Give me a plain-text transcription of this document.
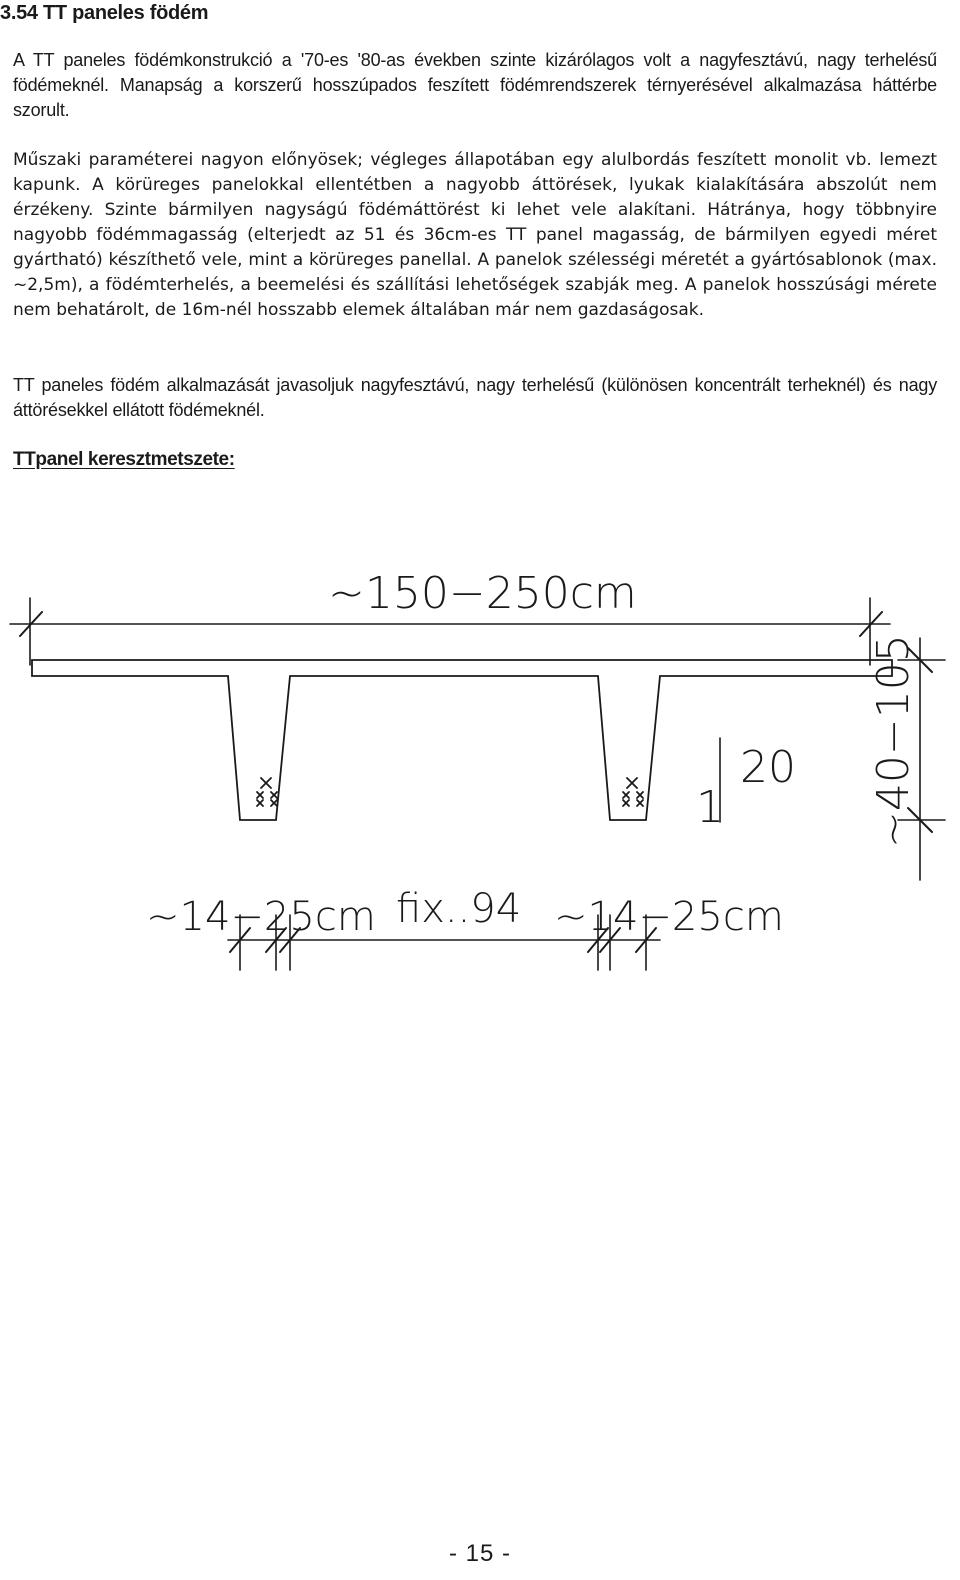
3.54 TT paneles födém

A TT paneles födémkonstrukció a '70-es '80-as években szinte kizárólagos volt a nagyfesztávú, nagy terhelésű födémeknél. Manapság a korszerű hosszúpados feszített födémrendszerek térnyerésével alkalmazása háttérbe szorult.

Műszaki paraméterei nagyon előnyösek; végleges állapotában egy alulbordás feszített monolit vb. lemezt kapunk. A körüreges panelokkal ellentétben a nagyobb áttörések, lyukak kialakítására abszolút nem érzékeny. Szinte bármilyen nagyságú födémáttörést ki lehet vele alakítani. Hátránya, hogy többnyire nagyobb födémmagasság (elterjedt az 51 és 36cm-es TT panel magasság, de bármilyen egyedi méret gyártható) készíthető vele, mint a körüreges panellal. A panelok szélességi méretét a gyártósablonok (max. ~2,5m), a födémterhelés, a beemelési és szállítási lehetőségek szabják meg. A panelok hosszúsági mérete nem behatárolt, de 16m-nél hosszabb elemek általában már nem gazdaságosak.

TT paneles födém alkalmazását javasoljuk nagyfesztávú, nagy terhelésű (különösen koncentrált terheknél) és nagy áttörésekkel ellátott födémeknél.

TTpanel keresztmetszete:
~150−250cm
~40−105
20
1
~14−25cm fix..94 ~14−25cm
- 15 -
